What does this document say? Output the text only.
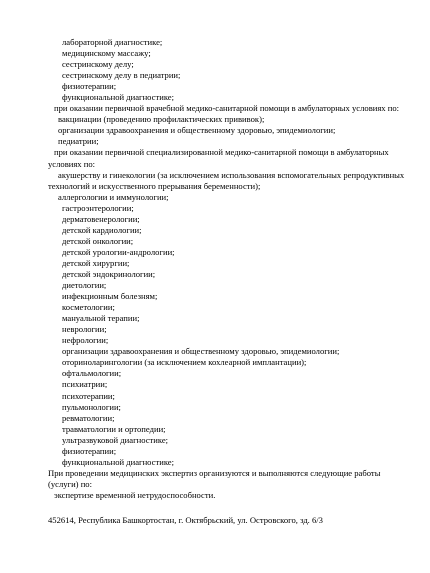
лабораторной диагностике;
медицинскому массажу;
сестринскому делу;
сестринскому делу в педиатрии;
физиотерапии;
функциональной диагностике;
при оказании первичной врачебной медико-санитарной помощи в амбулаторных условиях по:
вакцинации (проведению профилактических прививок);
организации здравоохранения и общественному здоровью, эпидемиологии;
педиатрии;
при оказании первичной специализированной медико-санитарной помощи в амбулаторных
условиях по:
акушерству и гинекологии (за исключением использования вспомогательных репродуктивных
технологий и искусственного прерывания беременности);
аллергологии и иммунологии;
гастроэнтерологии;
дерматовенерологии;
детской кардиологии;
детской онкологии;
детской урологии-андрологии;
детской хирургии;
детской эндокринологии;
диетологии;
инфекционным болезням;
косметологии;
мануальной терапии;
неврологии;
нефрологии;
организации здравоохранения и общественному здоровью, эпидемиологии;
оториноларингологии (за исключением кохлеарной имплантации);
офтальмологии;
психиатрии;
психотерапии;
пульмонологии;
ревматологии;
травматологии и ортопедии;
ультразвуковой диагностике;
физиотерапии;
функциональной диагностике;
При проведении медицинских экспертиз организуются и выполняются следующие работы
(услуги) по:
экспертизе временной нетрудоспособности.
452614, Республика Башкортостан, г. Октябрьский, ул. Островского, зд. 6/3
